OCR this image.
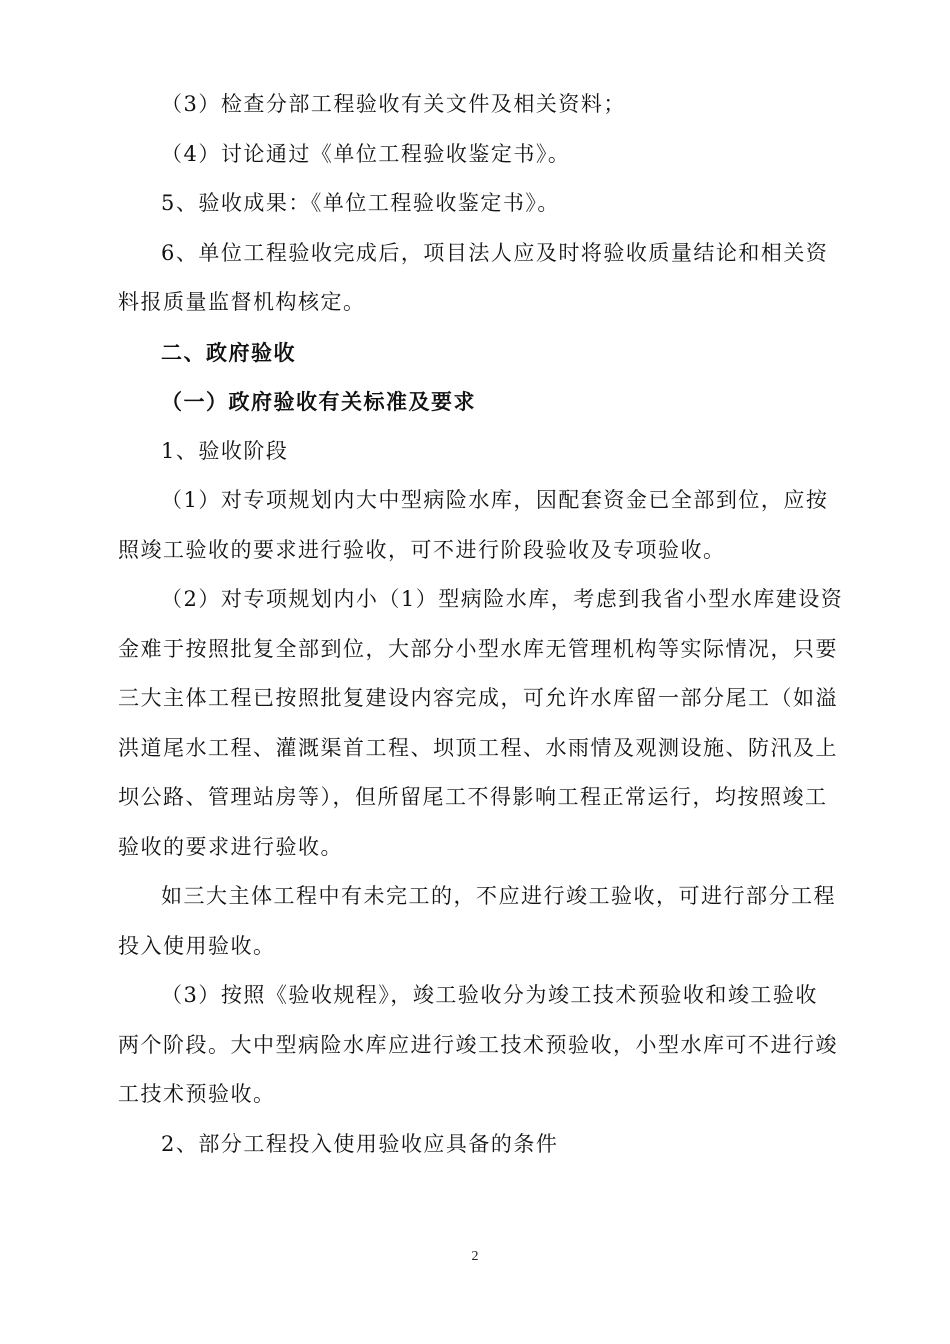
（3）检查分部工程验收有关文件及相关资料；
（4）讨论通过《单位工程验收鉴定书》。
5、验收成果：《单位工程验收鉴定书》。
6、单位工程验收完成后，项目法人应及时将验收质量结论和相关资
料报质量监督机构核定。
二、政府验收
（一）政府验收有关标准及要求
1、验收阶段
（1）对专项规划内大中型病险水库，因配套资金已全部到位，应按
照竣工验收的要求进行验收，可不进行阶段验收及专项验收。
（2）对专项规划内小（1）型病险水库，考虑到我省小型水库建设资
金难于按照批复全部到位，大部分小型水库无管理机构等实际情况，只要
三大主体工程已按照批复建设内容完成，可允许水库留一部分尾工（如溢
洪道尾水工程、灌溉渠首工程、坝顶工程、水雨情及观测设施、防汛及上
坝公路、管理站房等），但所留尾工不得影响工程正常运行，均按照竣工
验收的要求进行验收。
如三大主体工程中有未完工的，不应进行竣工验收，可进行部分工程
投入使用验收。
（3）按照《验收规程》，竣工验收分为竣工技术预验收和竣工验收
两个阶段。大中型病险水库应进行竣工技术预验收，小型水库可不进行竣
工技术预验收。
2、部分工程投入使用验收应具备的条件
2
